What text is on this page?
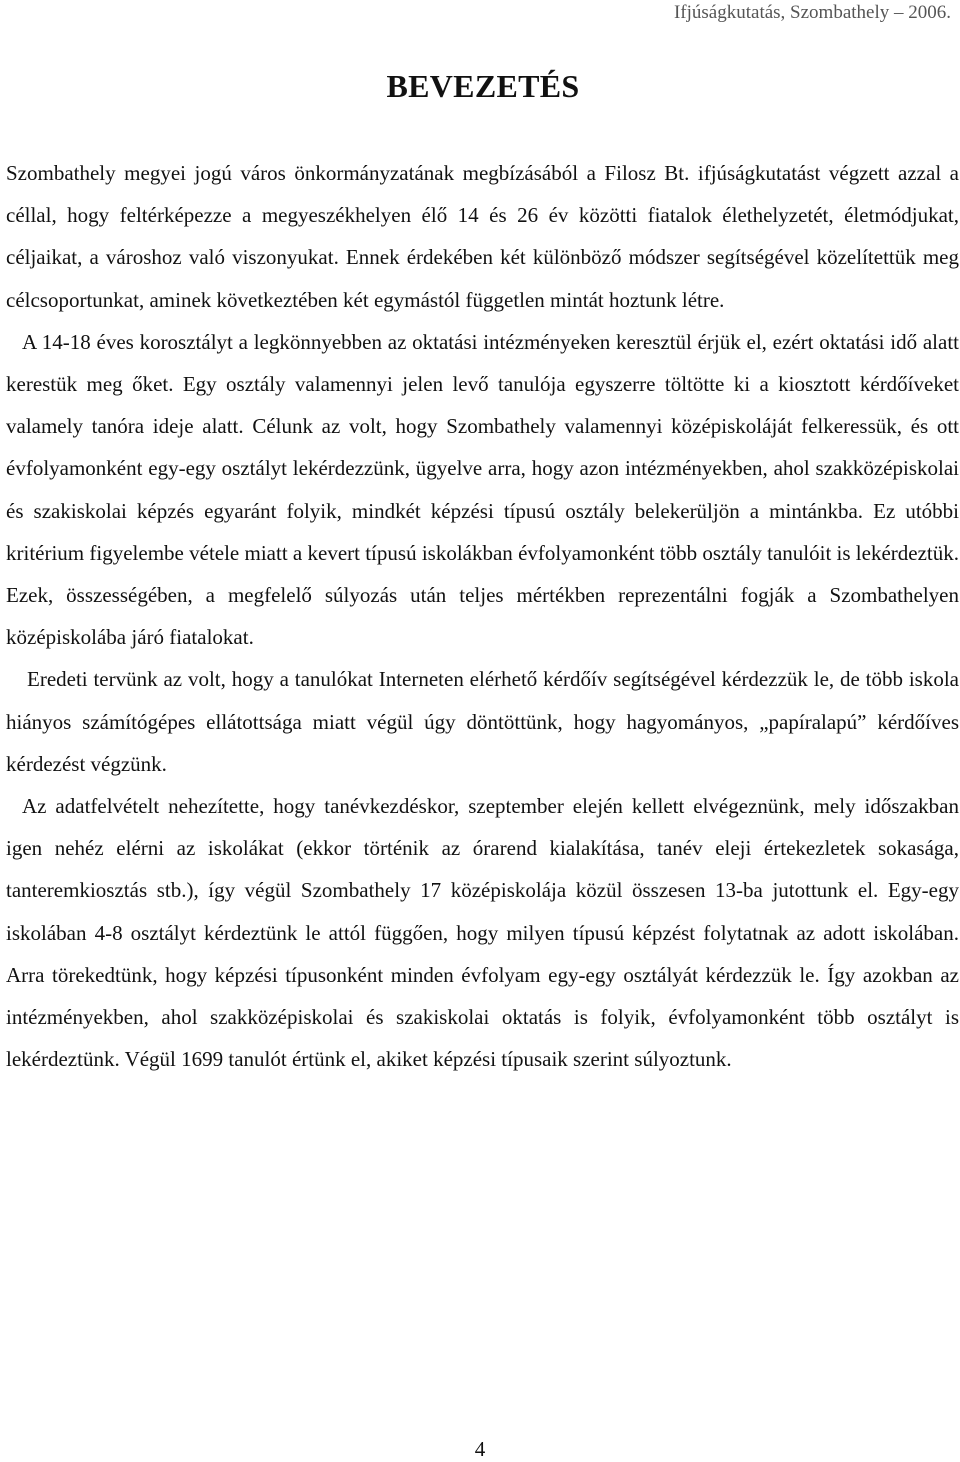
Ifjúságkutatás, Szombathely – 2006.

BEVEZETÉS

Szombathely megyei jogú város önkormányzatának megbízásából a Filosz Bt. ifjúságkutatást végzett azzal a céllal, hogy feltérképezze a megyeszékhelyen élő 14 és 26 év közötti fiatalok élethelyzetét, életmódjukat, céljaikat, a városhoz való viszonyukat. Ennek érdekében két különböző módszer segítségével közelítettük meg célcsoportunkat, aminek következtében két egymástól független mintát hoztunk létre.

A 14-18 éves korosztályt a legkönnyebben az oktatási intézményeken keresztül érjük el, ezért oktatási idő alatt kerestük meg őket. Egy osztály valamennyi jelen levő tanulója egyszerre töltötte ki a kiosztott kérdőíveket valamely tanóra ideje alatt. Célunk az volt, hogy Szombathely valamennyi középiskoláját felkeressük, és ott évfolyamonként egy-egy osztályt lekérdezzünk, ügyelve arra, hogy azon intézményekben, ahol szakközépiskolai és szakiskolai képzés egyaránt folyik, mindkét képzési típusú osztály belekerüljön a mintánkba. Ez utóbbi kritérium figyelembe vétele miatt a kevert típusú iskolákban évfolyamonként több osztály tanulóit is lekérdeztük. Ezek, összességében, a megfelelő súlyozás után teljes mértékben reprezentálni fogják a Szombathelyen középiskolába járó fiatalokat.

Eredeti tervünk az volt, hogy a tanulókat Interneten elérhető kérdőív segítségével kérdezzük le, de több iskola hiányos számítógépes ellátottsága miatt végül úgy döntöttünk, hogy hagyományos, „papíralapú” kérdőíves kérdezést végzünk.

Az adatfelvételt nehezítette, hogy tanévkezdéskor, szeptember elején kellett elvégeznünk, mely időszakban igen nehéz elérni az iskolákat (ekkor történik az órarend kialakítása, tanév eleji értekezletek sokasága, tanteremkiosztás stb.), így végül Szombathely 17 középiskolája közül összesen 13-ba jutottunk el. Egy-egy iskolában 4-8 osztályt kérdeztünk le attól függően, hogy milyen típusú képzést folytatnak az adott iskolában. Arra törekedtünk, hogy képzési típusonként minden évfolyam egy-egy osztályát kérdezzük le. Így azokban az intézményekben, ahol szakközépiskolai és szakiskolai oktatás is folyik, évfolyamonként több osztályt is lekérdeztünk. Végül 1699 tanulót értünk el, akiket képzési típusaik szerint súlyoztunk.

4
